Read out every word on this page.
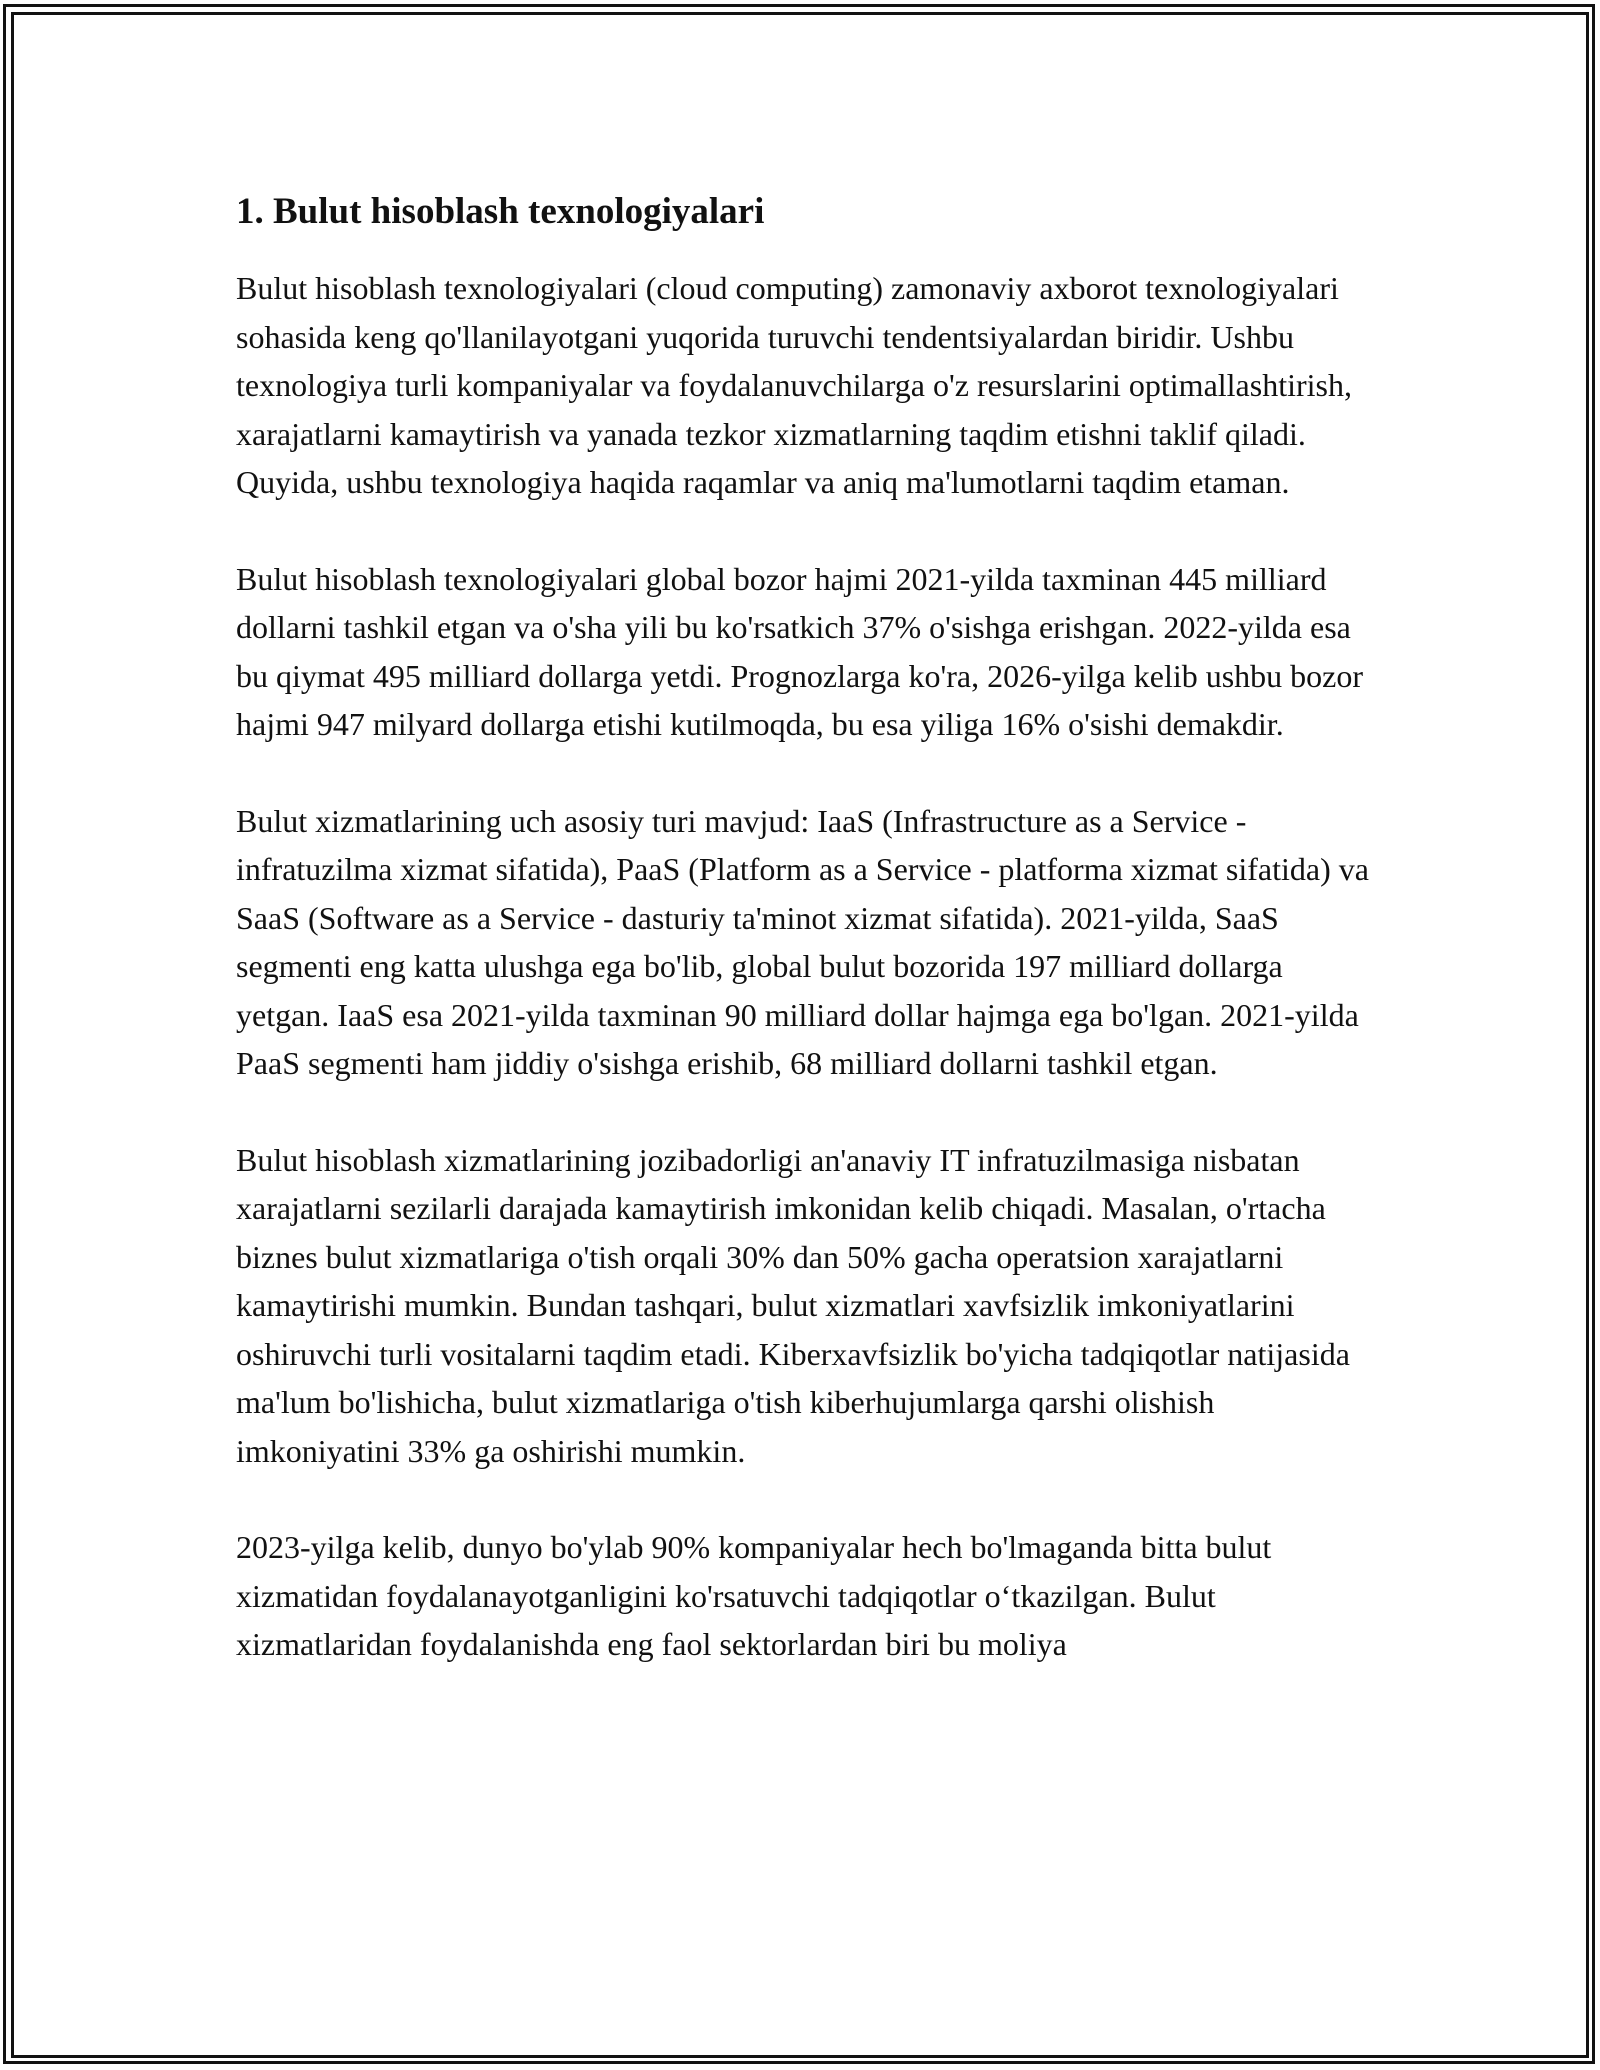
1. Bulut hisoblash texnologiyalari

Bulut hisoblash texnologiyalari (cloud computing) zamonaviy axborot texnologiyalari sohasida keng qo'llanilayotgani yuqorida turuvchi tendentsiyalardan biridir. Ushbu texnologiya turli kompaniyalar va foydalanuvchilarga o'z resurslarini optimallashtirish, xarajatlarni kamaytirish va yanada tezkor xizmatlarning taqdim etishni taklif qiladi. Quyida, ushbu texnologiya haqida raqamlar va aniq ma'lumotlarni taqdim etaman.

Bulut hisoblash texnologiyalari global bozor hajmi 2021-yilda taxminan 445 milliard dollarni tashkil etgan va o'sha yili bu ko'rsatkich 37% o'sishga erishgan. 2022-yilda esa bu qiymat 495 milliard dollarga yetdi. Prognozlarga ko'ra, 2026-yilga kelib ushbu bozor hajmi 947 milyard dollarga etishi kutilmoqda, bu esa yiliga 16% o'sishi demakdir.

Bulut xizmatlarining uch asosiy turi mavjud: IaaS (Infrastructure as a Service - infratuzilma xizmat sifatida), PaaS (Platform as a Service - platforma xizmat sifatida) va SaaS (Software as a Service - dasturiy ta'minot xizmat sifatida). 2021-yilda, SaaS segmenti eng katta ulushga ega bo'lib, global bulut bozorida 197 milliard dollarga yetgan. IaaS esa 2021-yilda taxminan 90 milliard dollar hajmga ega bo'lgan. 2021-yilda PaaS segmenti ham jiddiy o'sishga erishib, 68 milliard dollarni tashkil etgan.

Bulut hisoblash xizmatlarining jozibadorligi an'anaviy IT infratuzilmasiga nisbatan xarajatlarni sezilarli darajada kamaytirish imkonidan kelib chiqadi. Masalan, o'rtacha biznes bulut xizmatlariga o'tish orqali 30% dan 50% gacha operatsion xarajatlarni kamaytirishi mumkin. Bundan tashqari, bulut xizmatlari xavfsizlik imkoniyatlarini oshiruvchi turli vositalarni taqdim etadi. Kiberxavfsizlik bo'yicha tadqiqotlar natijasida ma'lum bo'lishicha, bulut xizmatlariga o'tish kiberhujumlarga qarshi olishish imkoniyatini 33% ga oshirishi mumkin.

2023-yilga kelib, dunyo bo'ylab 90% kompaniyalar hech bo'lmaganda bitta bulut xizmatidan foydalanayotganligini ko'rsatuvchi tadqiqotlar o‘tkazilgan. Bulut xizmatlaridan foydalanishda eng faol sektorlardan biri bu moliya
